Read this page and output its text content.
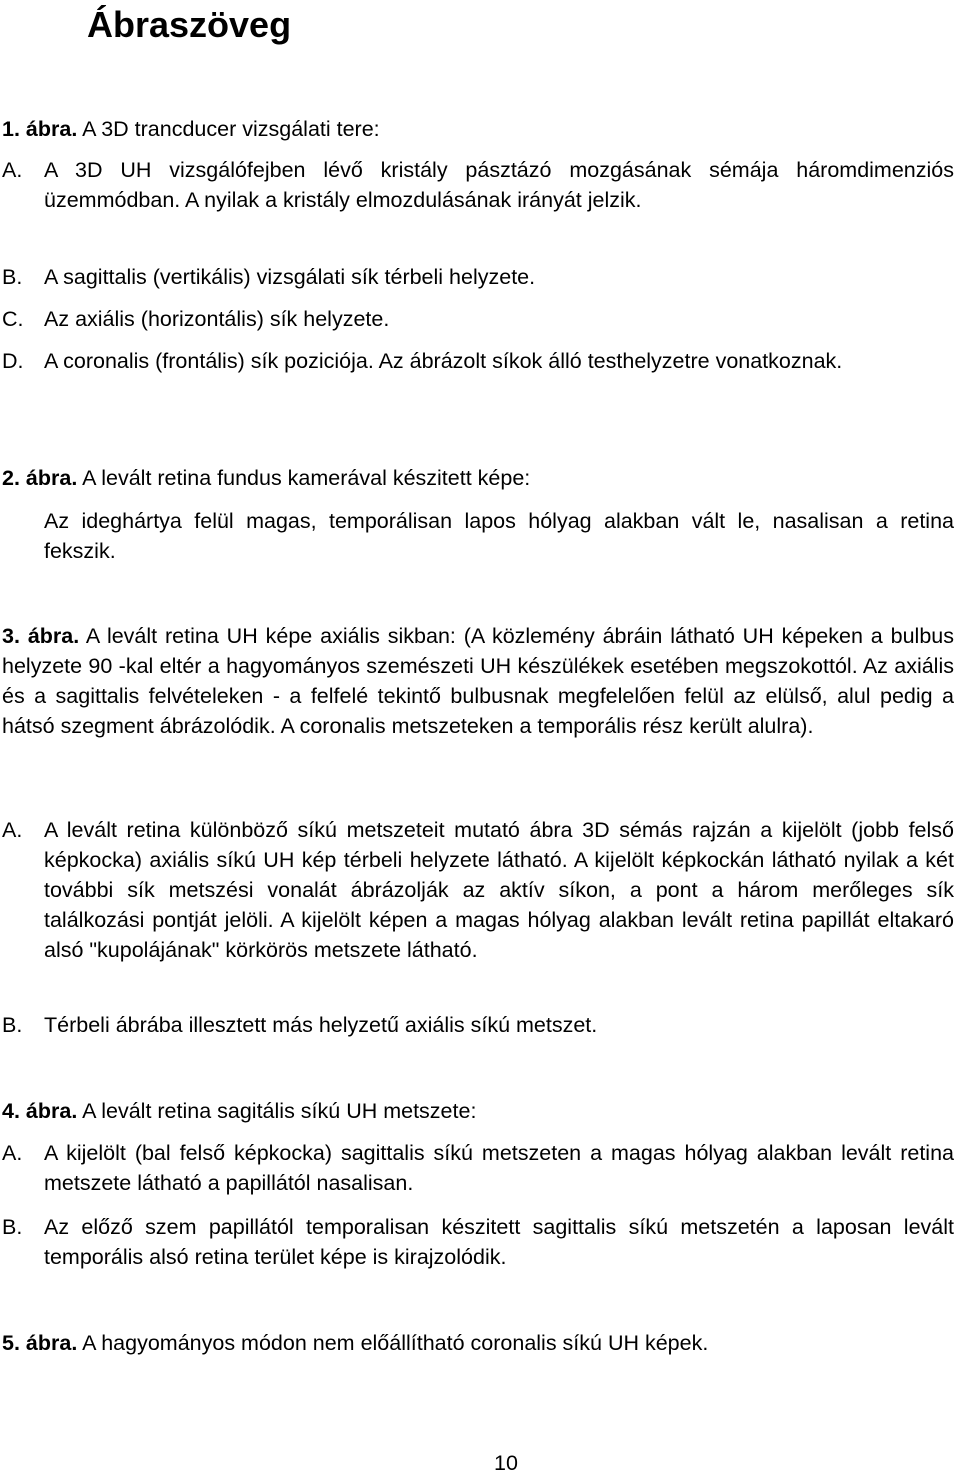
Ábraszöveg

1. ábra. A 3D trancducer vizsgálati tere:

A. A 3D UH vizsgálófejben lévő kristály pásztázó mozgásának sémája háromdimenziós üzemmódban. A nyilak a kristály elmozdulásának irányát jelzik.
B. A sagittalis (vertikális) vizsgálati sík térbeli helyzete.
C. Az axiális (horizontális) sík helyzete.
D. A coronalis (frontális) sík poziciója. Az ábrázolt síkok álló testhelyzetre vonatkoznak.

2. ábra. A levált retina fundus kamerával készitett képe:

Az ideghártya felül magas, temporálisan lapos hólyag alakban vált le, nasalisan a retina fekszik.

3. ábra. A levált retina UH képe axiális sikban: (A közlemény ábráin látható UH képeken a bulbus helyzete 90 -kal eltér a hagyományos szemészeti UH készülékek esetében megszokottól. Az axiális és a sagittalis felvételeken - a felfelé tekintő bulbusnak megfelelően felül az elülső, alul pedig a hátsó szegment ábrázolódik. A coronalis metszeteken a temporális rész került alulra).

A. A levált retina különböző síkú metszeteit mutató ábra 3D sémás rajzán a kijelölt (jobb felső képkocka) axiális síkú UH kép térbeli helyzete látható. A kijelölt képkockán látható nyilak a két további sík metszési vonalát ábrázolják az aktív síkon, a pont a három merőleges sík találkozási pontját jelöli. A kijelölt képen a magas hólyag alakban levált retina papillát eltakaró alsó "kupolájának" körkörös metszete látható.
B. Térbeli ábrába illesztett más helyzetű axiális síkú metszet.

4. ábra. A levált retina sagitális síkú UH metszete:

A. A kijelölt (bal felső képkocka) sagittalis síkú metszeten a magas hólyag alakban levált retina metszete látható a papillától nasalisan.
B. Az előző szem papillától temporalisan készitett sagittalis síkú metszetén a laposan levált temporális alsó retina terület képe is kirajzolódik.

5. ábra. A hagyományos módon nem előállítható coronalis síkú UH képek.

10
